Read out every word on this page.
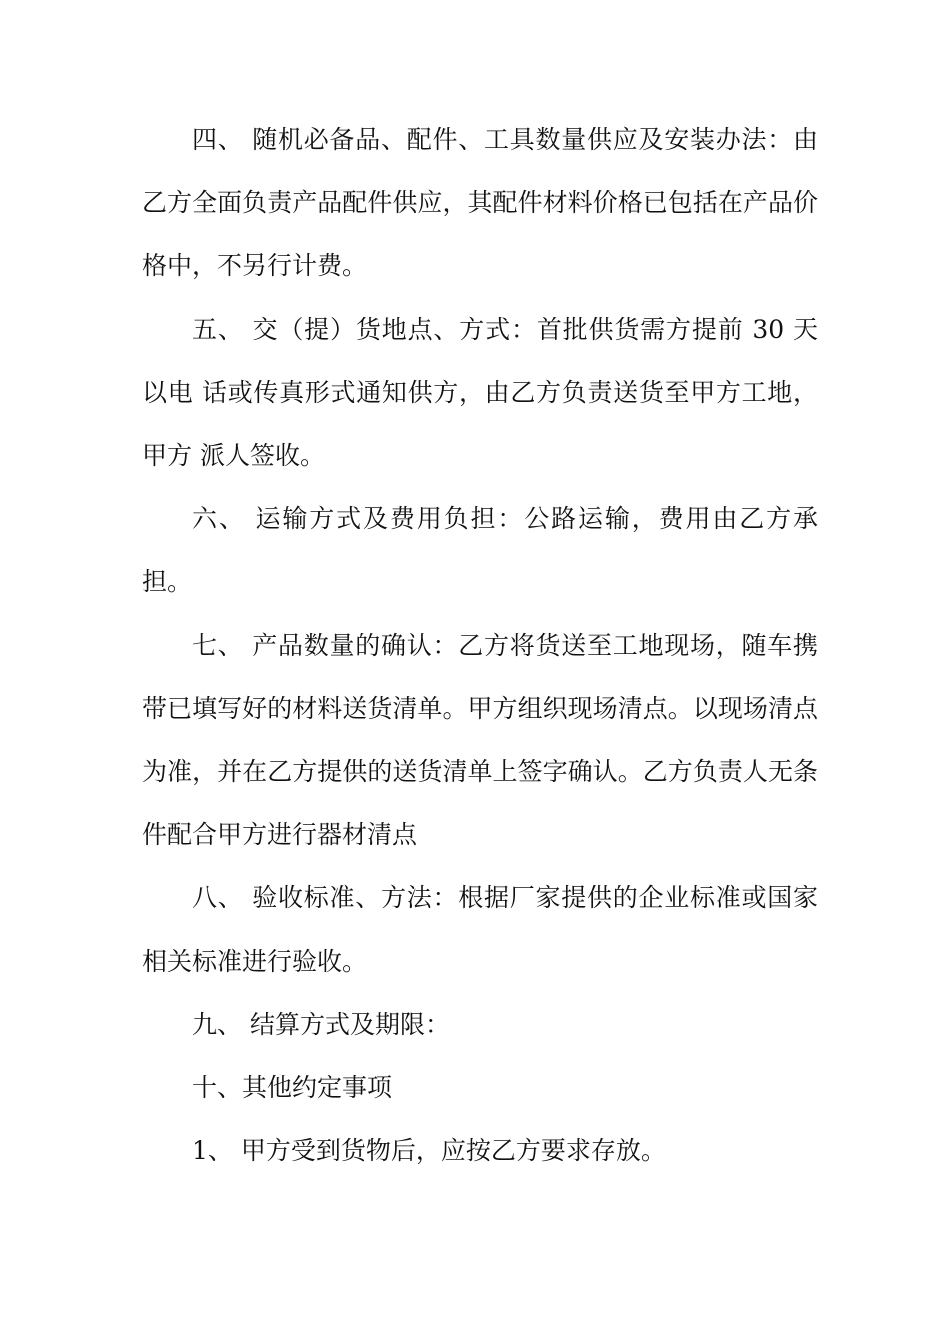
四、 随机必备品、配件、工具数量供应及安装办法：由乙方全面负责产品配件供应，其配件材料价格已包括在产品价格中，不另行计费。

五、 交（提）货地点、方式：首批供货需方提前 30 天以电 话或传真形式通知供方，由乙方负责送货至甲方工地，甲方 派人签收。

六、 运输方式及费用负担：公路运输，费用由乙方承担。

七、 产品数量的确认：乙方将货送至工地现场，随车携带已填写好的材料送货清单。甲方组织现场清点。以现场清点为准，并在乙方提供的送货清单上签字确认。乙方负责人无条件配合甲方进行器材清点

八、 验收标准、方法：根据厂家提供的企业标准或国家相关标准进行验收。

九、 结算方式及期限：

十、其他约定事项

1、 甲方受到货物后，应按乙方要求存放。
